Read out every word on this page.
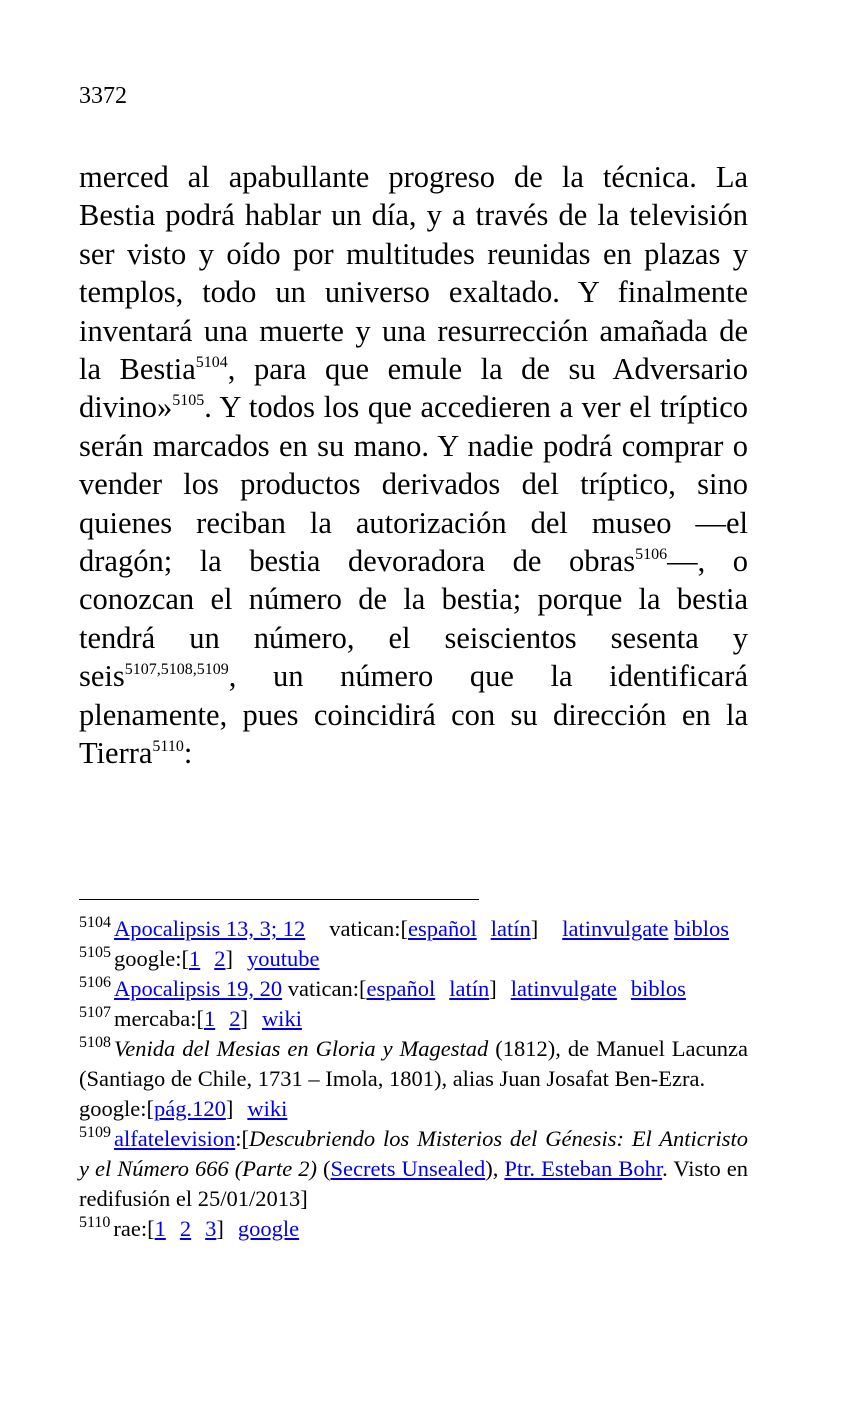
3372

merced al apabullante progreso de la técnica. La Bestia podrá hablar un día, y a través de la televisión ser visto y oído por multitudes reunidas en plazas y templos, todo un universo exaltado. Y finalmente inventará una muerte y una resurrección amañada de la Bestia$^{5104}$, para que emule la de su Adversario divino»$^{5105}$. Y todos los que accedieren a ver el tríptico serán marcados en su mano. Y nadie podrá comprar o vender los productos derivados del tríptico, sino quienes reciban la autorización del museo —el dragón; la bestia devoradora de obras$^{5106}$—, o conozcan el número de la bestia; porque la bestia tendrá un número, el seiscientos sesenta y seis$^{5107,5108,5109}$, un número que la identificará plenamente, pues coincidirá con su dirección en la Tierra$^{5110}$:

$^{5104}$ Apocalipsis 13, 3; 12 vatican:[español latín] latinvulgate biblos

$^{5105}$ google:[1 2] youtube

$^{5106}$ Apocalipsis 19, 20 vatican:[español latín] latinvulgate biblos

$^{5107}$ mercaba:[1 2] wiki

$^{5108}$ Venida del Mesias en Gloria y Magestad (1812), de Manuel Lacunza (Santiago de Chile, 1731 – Imola, 1801), alias Juan Josafat Ben-Ezra.
google:[pág.120] wiki

$^{5109}$ alfatelevision:[Descubriendo los Misterios del Génesis: El Anticristo y el Número 666 (Parte 2) (Secrets Unsealed), Ptr. Esteban Bohr. Visto en redifusión el 25/01/2013]

$^{5110}$ rae:[1 2 3] google
